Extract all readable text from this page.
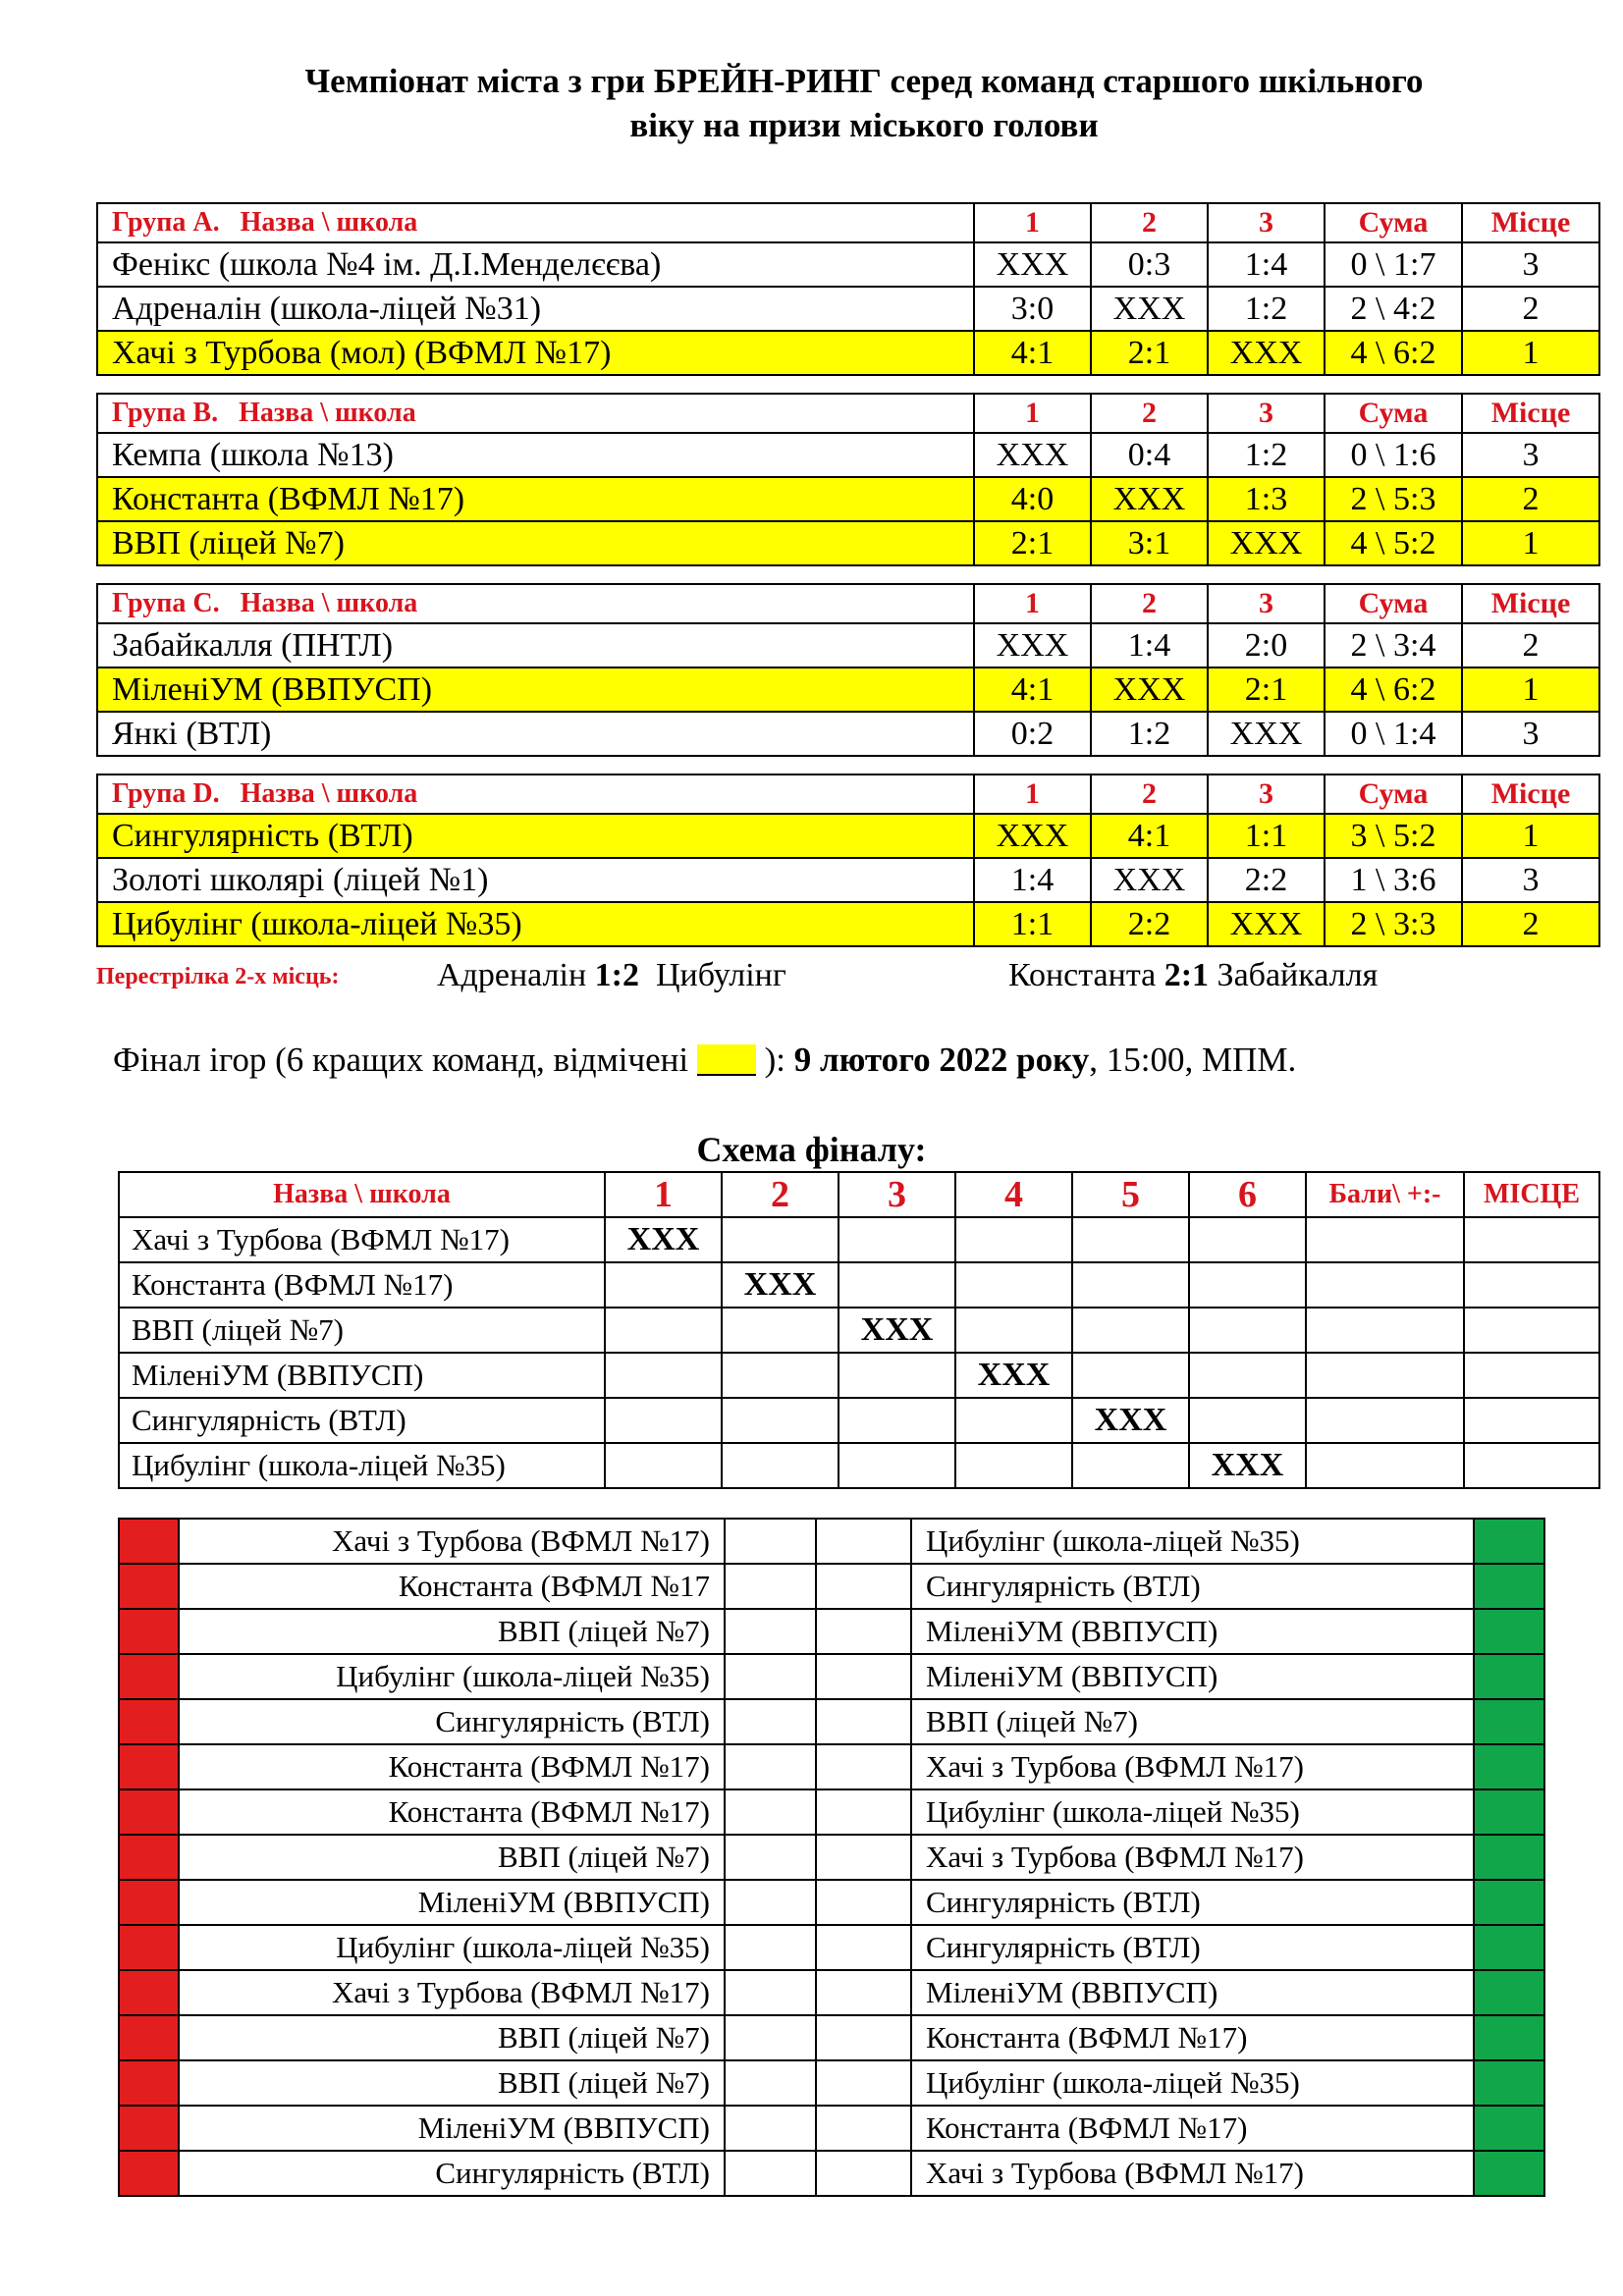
Чемпіонат міста з гри БРЕЙН-РИНГ серед команд старшого шкільного
віку на призи міського голови
Група А. Назва \ школа	1	2	3	Сума	Місце
Фенікс (школа №4 ім. Д.І.Менделєєва)	ХХХ	0:3	1:4	0 \ 1:7	3
Адреналін (школа-ліцей №31)	3:0	ХХХ	1:2	2 \ 4:2	2
Хачі з Турбова (мол) (ВФМЛ №17)	4:1	2:1	ХХХ	4 \ 6:2	1
Група В. Назва \ школа	1	2	3	Сума	Місце
Кемпа (школа №13)	ХХХ	0:4	1:2	0 \ 1:6	3
Константа (ВФМЛ №17)	4:0	ХХХ	1:3	2 \ 5:3	2
ВВП (ліцей №7)	2:1	3:1	ХХХ	4 \ 5:2	1
Група С. Назва \ школа	1	2	3	Сума	Місце
Забайкалля (ПНТЛ)	ХХХ	1:4	2:0	2 \ 3:4	2
МілeніУМ (ВВПУСП)	4:1	ХХХ	2:1	4 \ 6:2	1
Янкі (ВТЛ)	0:2	1:2	ХХХ	0 \ 1:4	3
Група D. Назва \ школа	1	2	3	Сума	Місце
Сингулярність (ВТЛ)	ХХХ	4:1	1:1	3 \ 5:2	1
Золоті школярі (ліцей №1)	1:4	ХХХ	2:2	1 \ 3:6	3
Цибулінг (школа-ліцей №35)	1:1	2:2	ХХХ	2 \ 3:3	2
Перестрілка 2-х місць:	Адреналін 1:2 Цибулінг	Константа 2:1 Забайкалля
Фінал ігор (6 кращих команд, відмічені ): 9 лютого 2022 року, 15:00, МПМ.
Схема фіналу:
Назва \ школа	1	2	3	4	5	6	Бали\ +:-	МІСЦЕ
Хачі з Турбова (ВФМЛ №17)	XXX							
Константа (ВФМЛ №17)		XXX						
ВВП (ліцей №7)			XXX					
МілeніУМ (ВВПУСП)				XXX				
Сингулярність (ВТЛ)					XXX			
Цибулінг (школа-ліцей №35)						XXX		
	Хачі з Турбова (ВФМЛ №17)			Цибулінг (школа-ліцей №35)	
	Константа (ВФМЛ №17			Сингулярність (ВТЛ)	
	ВВП (ліцей №7)			МілeніУМ (ВВПУСП)	
	Цибулінг (школа-ліцей №35)			МілeніУМ (ВВПУСП)	
	Сингулярність (ВТЛ)			ВВП (ліцей №7)	
	Константа (ВФМЛ №17)			Хачі з Турбова (ВФМЛ №17)	
	Константа (ВФМЛ №17)			Цибулінг (школа-ліцей №35)	
	ВВП (ліцей №7)			Хачі з Турбова (ВФМЛ №17)	
	МілeніУМ (ВВПУСП)			Сингулярність (ВТЛ)	
	Цибулінг (школа-ліцей №35)			Сингулярність (ВТЛ)	
	Хачі з Турбова (ВФМЛ №17)			МілeніУМ (ВВПУСП)	
	ВВП (ліцей №7)			Константа (ВФМЛ №17)	
	ВВП (ліцей №7)			Цибулінг (школа-ліцей №35)	
	МілeніУМ (ВВПУСП)			Константа (ВФМЛ №17)	
	Сингулярність (ВТЛ)			Хачі з Турбова (ВФМЛ №17)	
